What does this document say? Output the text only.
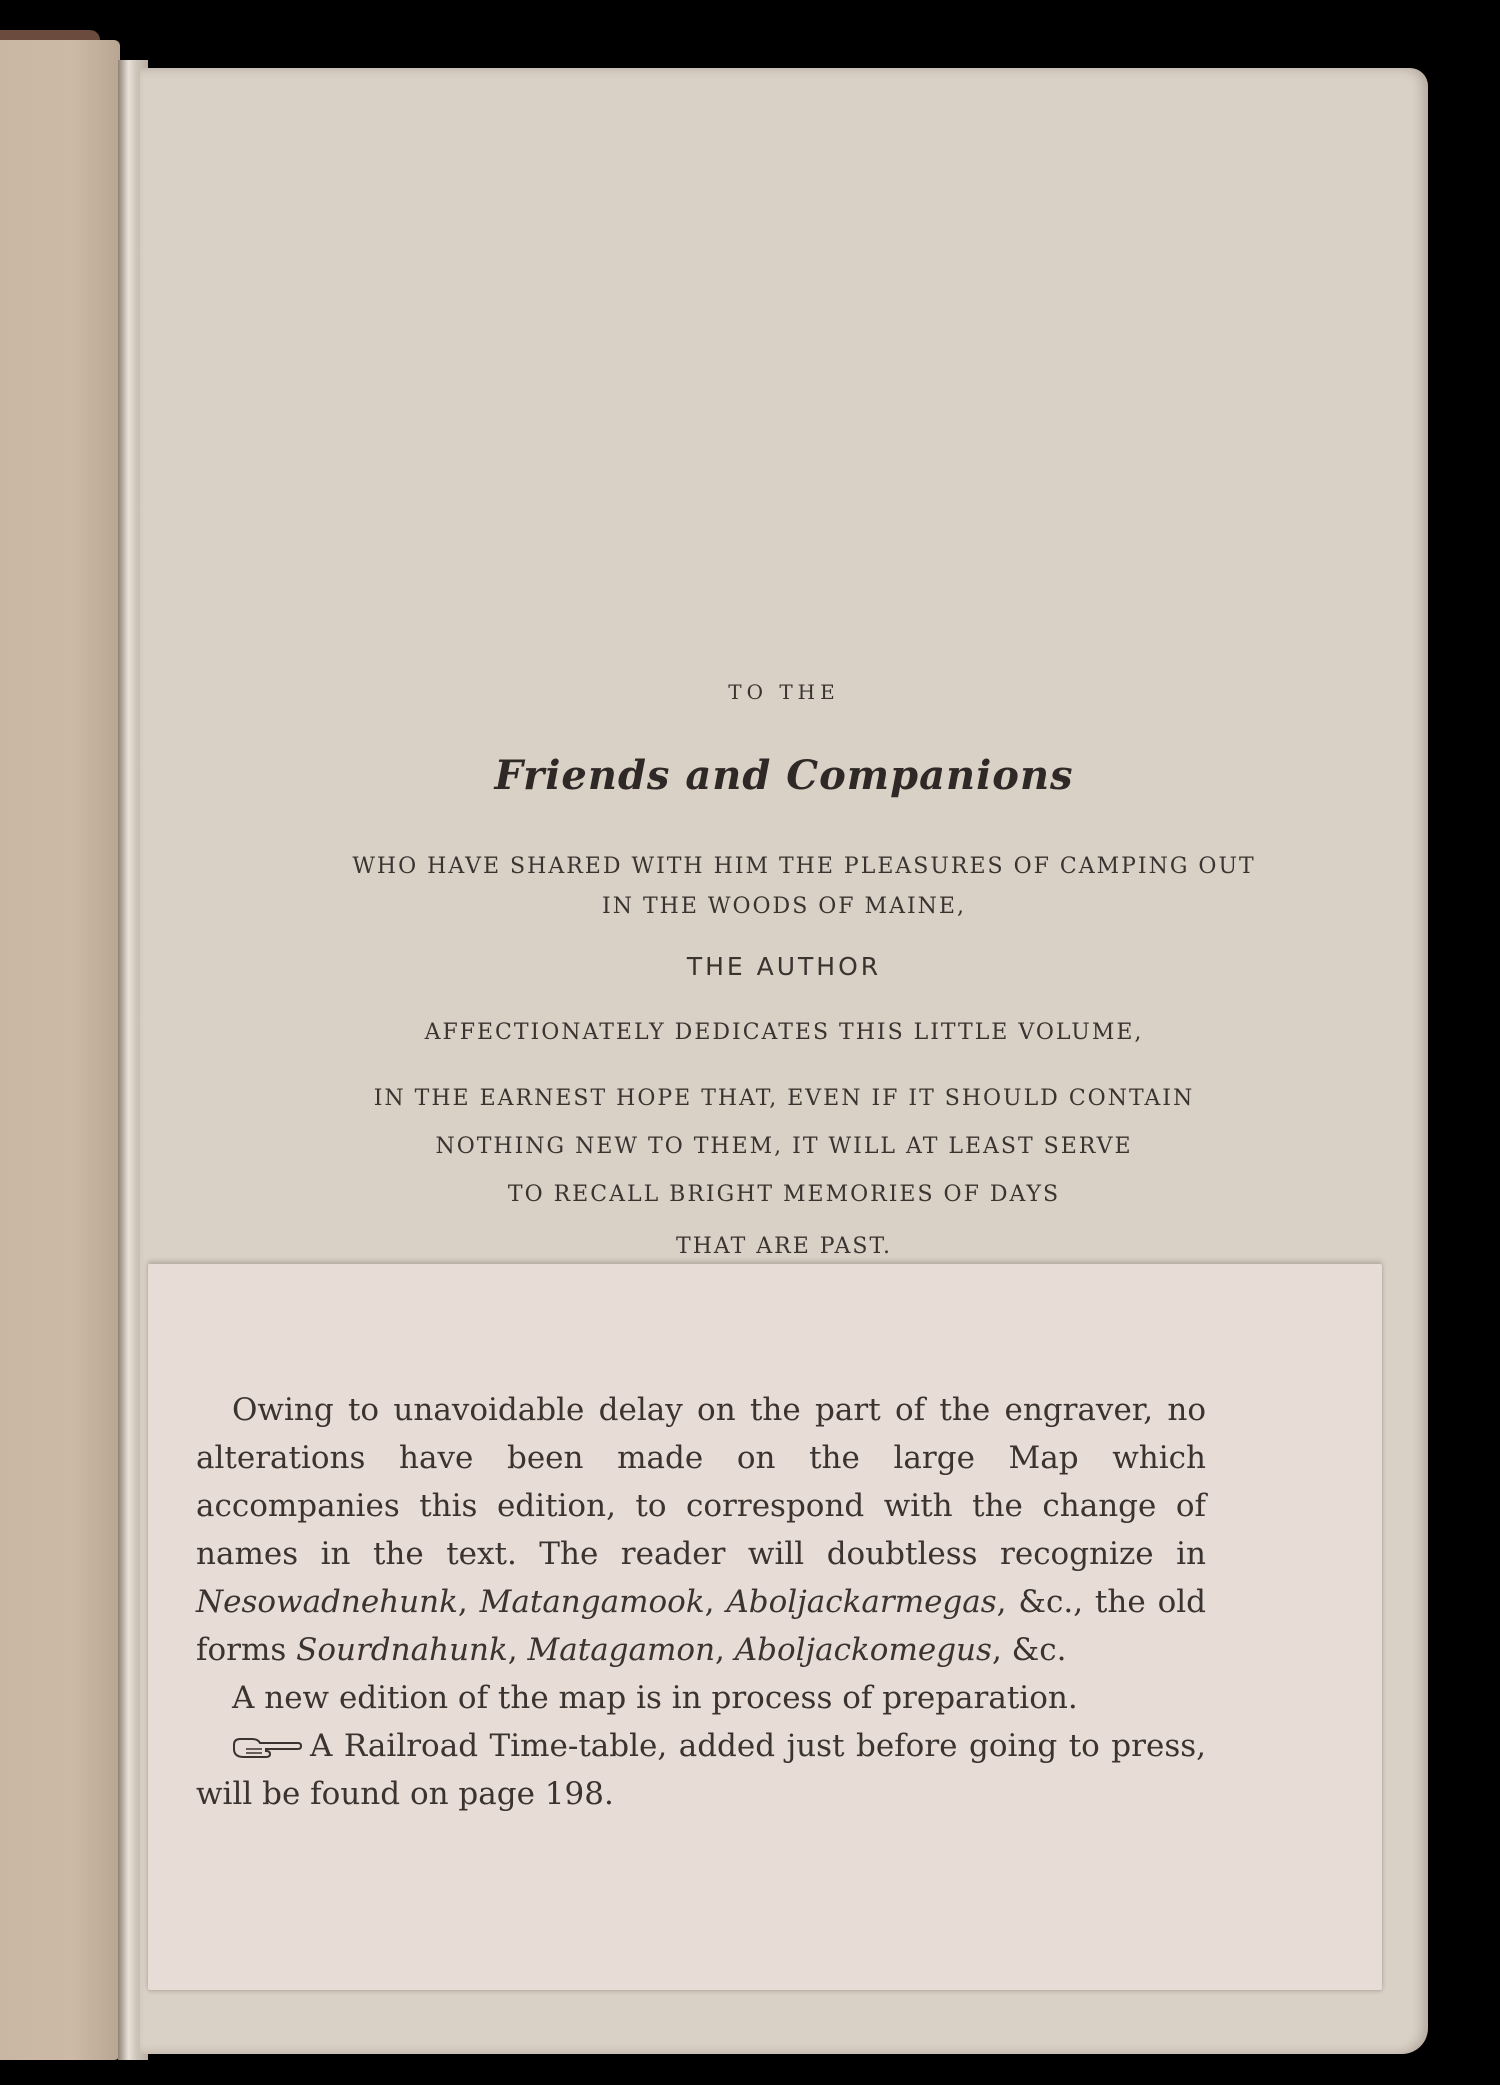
TO THE
Friends and Companions
WHO HAVE SHARED WITH HIM THE PLEASURES OF CAMPING OUT
IN THE WOODS OF MAINE,
THE AUTHOR
AFFECTIONATELY DEDICATES THIS LITTLE VOLUME,
IN THE EARNEST HOPE THAT, EVEN IF IT SHOULD CONTAIN
NOTHING NEW TO THEM, IT WILL AT LEAST SERVE
TO RECALL BRIGHT MEMORIES OF DAYS
THAT ARE PAST.

Owing to unavoidable delay on the part of the engraver, no alterations have been made on the large Map which accompanies this edition, to correspond with the change of names in the text. The reader will doubtless recognize in Nesowadnehunk, Matangamook, Aboljackarmegas, &c., the old forms Sourdnahunk, Matagamon, Aboljackomegus, &c.

A new edition of the map is in process of preparation.

A Railroad Time-table, added just before going to press, will be found on page 198.
